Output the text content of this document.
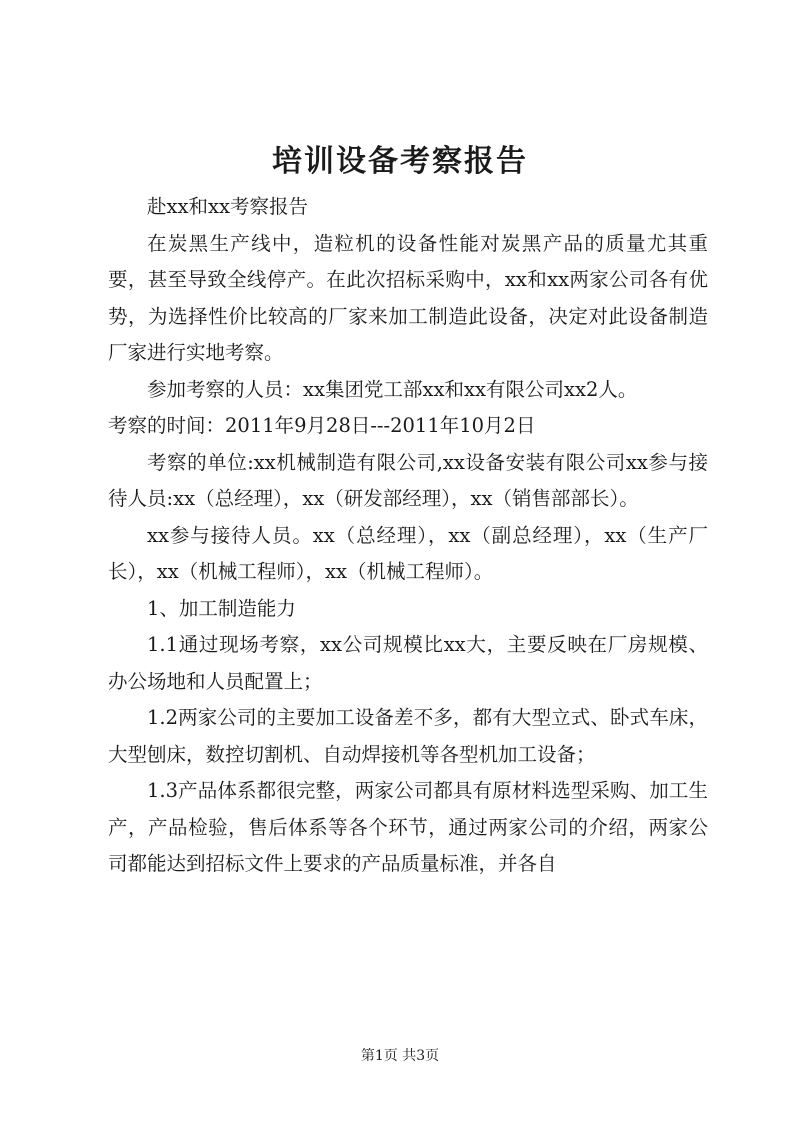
培训设备考察报告

赴xx和xx考察报告

在炭黑生产线中，造粒机的设备性能对炭黑产品的质量尤其重要，甚至导致全线停产。在此次招标采购中，xx和xx两家公司各有优势，为选择性价比较高的厂家来加工制造此设备，决定对此设备制造厂家进行实地考察。

参加考察的人员：xx集团党工部xx和xx有限公司xx2人。

考察的时间：2011年9月28日---2011年10月2日

考察的单位:xx机械制造有限公司,xx设备安装有限公司xx参与接待人员:xx（总经理），xx（研发部经理），xx（销售部部长）。

xx参与接待人员。xx（总经理），xx（副总经理），xx（生产厂长），xx（机械工程师），xx（机械工程师）。

1、加工制造能力

1.1通过现场考察，xx公司规模比xx大，主要反映在厂房规模、办公场地和人员配置上；

1.2两家公司的主要加工设备差不多，都有大型立式、卧式车床，大型刨床，数控切割机、自动焊接机等各型机加工设备；

1.3产品体系都很完整，两家公司都具有原材料选型采购、加工生产，产品检验，售后体系等各个环节，通过两家公司的介绍，两家公司都能达到招标文件上要求的产品质量标准，并各自

第1页 共3页
